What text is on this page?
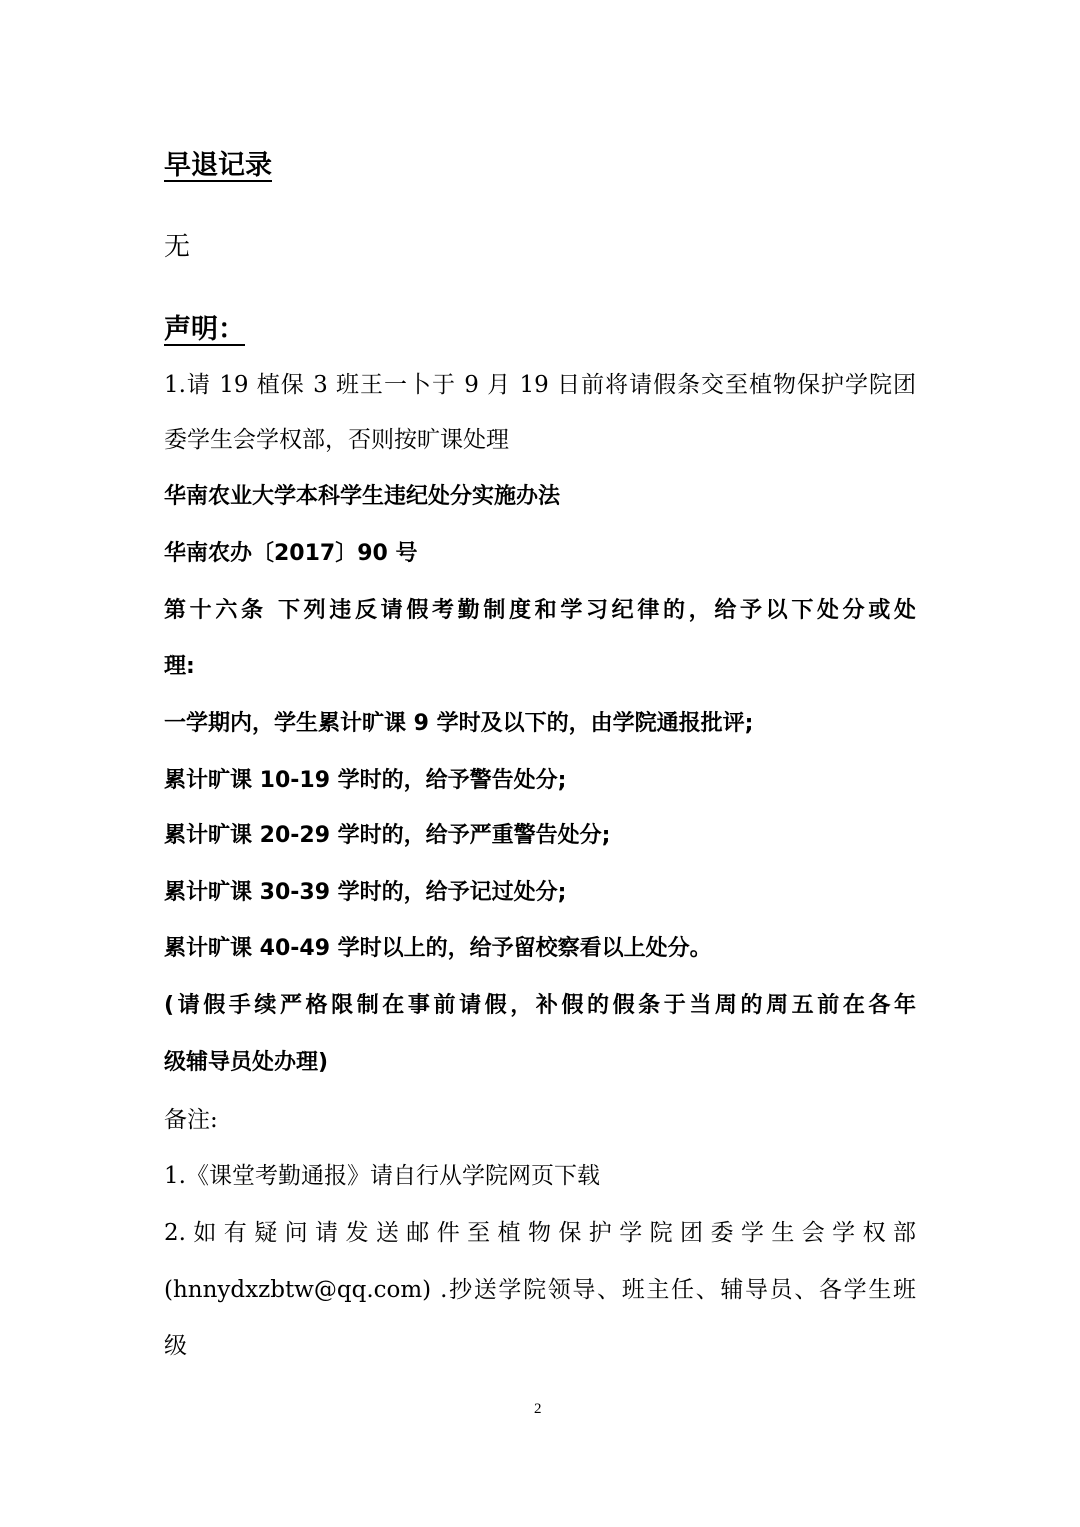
早退记录
无
声明：
1.请 19 植保 3 班王一卜于 9 月 19 日前将请假条交至植物保护学院团
委学生会学权部，否则按旷课处理
华南农业大学本科学生违纪处分实施办法
华南农办〔2017〕90 号
第十六条 下列违反请假考勤制度和学习纪律的，给予以下处分或处
理:
一学期内，学生累计旷课 9 学时及以下的，由学院通报批评;
累计旷课 10-19 学时的，给予警告处分;
累计旷课 20-29 学时的，给予严重警告处分;
累计旷课 30-39 学时的，给予记过处分;
累计旷课 40-49 学时以上的，给予留校察看以上处分。
(请假手续严格限制在事前请假，补假的假条于当周的周五前在各年
级辅导员处办理)
备注:
1.《课堂考勤通报》请自行从学院网页下载
2.如有疑问请发送邮件至植物保护学院团委学生会学权部
(hnnydxzbtw@qq.com) .抄送学院领导、班主任、辅导员、各学生班
级
2
